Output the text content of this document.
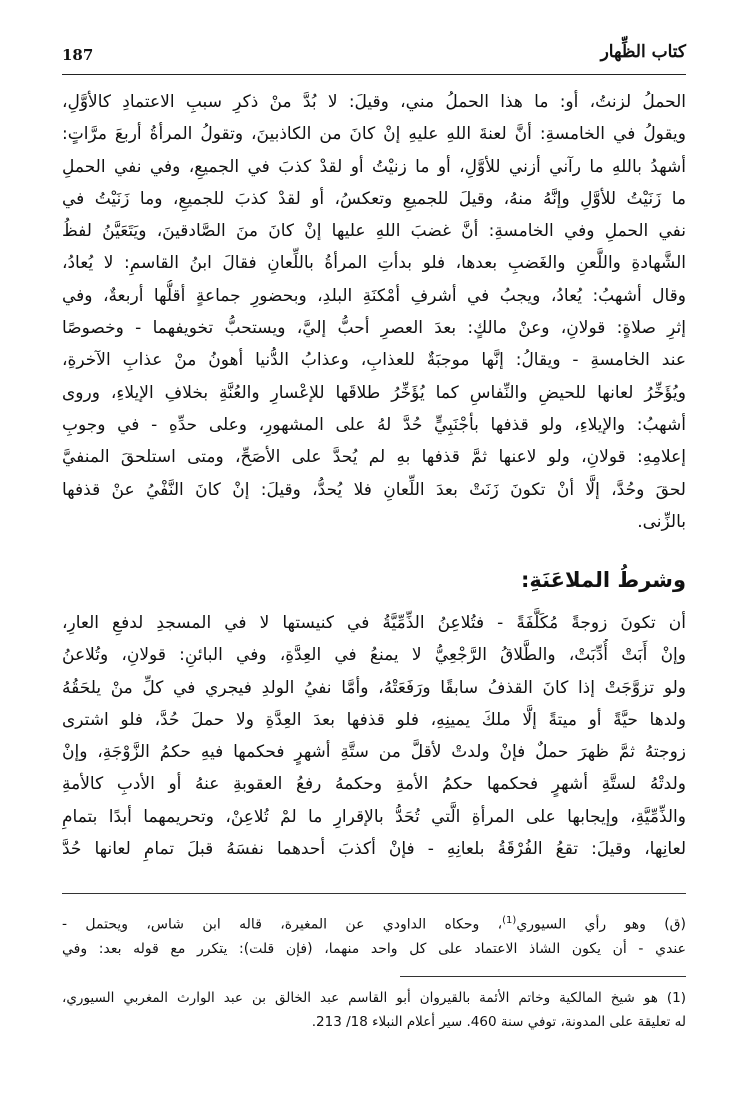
187	كتاب الظِّهار
الحملُ لزنتُ، أو: ما هذا الحملُ مني، وقيلَ: لا بُدَّ منْ ذكرِ سببِ الاعتمادِ كالأوَّلِ،
ويقولُ في الخامسةِ: أنَّ لعنةَ اللهِ عليهِ إنْ كانَ من الكاذبينَ، وتقولُ المرأةُ أربعَ مرَّاتٍ:
أشهدُ باللهِ ما رآني أزني للأوَّلِ، أو ما زنيْتُ أو لقدْ كذبَ في الجميعِ، وفي نفي الحملِ
ما زَنَيْتُ للأوَّلِ وإنَّهُ منهُ، وقيلَ للجميعِ وتعكسُ، أو لقدْ كذبَ للجميعِ، وما زَنَيْتُ في
نفي الحملِ وفي الخامسةِ: أنَّ غضبَ اللهِ عليها إنْ كانَ منَ الصَّادقينَ، ويَتَعَيَّنُ لفظُ
الشَّهادةِ واللَّعنِ والغَضبِ بعدها، فلو بدأتِ المرأةُ باللِّعانِ فقالَ ابنُ القاسمِ: لا يُعادُ،
وقال أشهبُ: يُعادُ، ويجبُ في أشرفِ أمْكنَةِ البلدِ، وبحضورِ جماعةٍ أقلُّها أربعةٌ، وفي
إثرِ صلاةٍ: قولانِ، وعنْ مالكٍ: بعدَ العصرِ أحبُّ إليَّ، ويستحبُّ تخويفهما - وخصوصًا
عند الخامسةِ - ويقالُ: إنَّها موجبَةٌ للعذابِ، وعذابُ الدُّنيا أهونُ منْ عذابِ الآخرةِ،
ويُؤَخِّرُ لعانها للحيضِ والنِّفاسِ كما يُؤَخِّرُ طلاقَها للإعْسارِ والعُنَّةِ بخلافِ الإيلاءِ، وروى
أشهبُ: والإيلاءِ، ولو قذفها بأجْنَبِيٍّ حُدَّ لهُ على المشهورِ، وعلى حدِّهِ - في وجوبِ
إعلامِهِ: قولانِ، ولو لاعنها ثمَّ قذفها بهِ لم يُحدَّ على الأصَحِّ، ومتى استلحقَ المنفيَّ
لحقَ وحُدَّ، إلَّا أنْ تكونَ زَنَتْ بعدَ اللِّعانِ فلا يُحدُّ، وقيلَ: إنْ كانَ النَّفْيُ عنْ قذفها
بالزِّنى.
وشرطُ الملاعَنَةِ:
أن تكونَ زوجةً مُكَلَّفَةً - فتُلاعِنُ الذِّمِّيَّةُ في كنيستها لا في المسجدِ لدفعِ العارِ،
وإنْ أَبَتْ أُدِّبَتْ، والطَّلاقُ الرَّجْعِيُّ لا يمنعُ في العِدَّةِ، وفي البائنِ: قولانِ، وتُلاعنُ
ولو تزوَّجَتْ إذا كانَ القذفُ سابقًا ورَفَعَتْهُ، وأمَّا نفيُ الولدِ فيجري في كلِّ منْ يلحَقُهُ
ولدها حيَّةً أو ميتةً إلَّا ملكَ يمينِهِ، فلو قذفها بعدَ العِدَّةِ ولا حملَ حُدَّ، فلو اشترى
زوجتهُ ثمَّ ظهرَ حملٌ فإنْ ولدتْ لأقلَّ من ستَّةِ أشهرٍ فحكمها فيهِ حكمُ الزَّوْجَةِ، وإنْ
ولدتْهُ لستَّةِ أشهرٍ فحكمها حكمُ الأمةِ وحكمهُ رفعُ العقوبةِ عنهُ أو الأدبِ كالأمةِ
والذِّمِّيَّةِ، وإيجابها على المرأةِ الَّتي تُحَدُّ بالإقرارِ ما لمْ تُلاعِنْ، وتحريمهما أبدًا بتمامِ
لعانِها، وقيلَ: تقعُ الفُرْقَةُ بلعانِهِ - فإنْ أكذبَ أحدهما نفسَهُ قبلَ تمامِ لعانها حُدَّ
(ق) وهو رأي السيوري$^{(1)}$، وحكاه الداودي عن المغيرة، قاله ابن شاس، ويحتمل -
عندي - أن يكون الشاذ الاعتماد على كل واحد منهما، (فإن قلت): يتكرر مع قوله بعد: وفي
(1) هو شيخ المالكية وخاتم الأئمة بالقيروان أبو القاسم عبد الخالق بن عبد الوارث المغربي السيوري،
له تعليقة على المدونة، توفي سنة 460. سير أعلام النبلاء 18/ 213.
